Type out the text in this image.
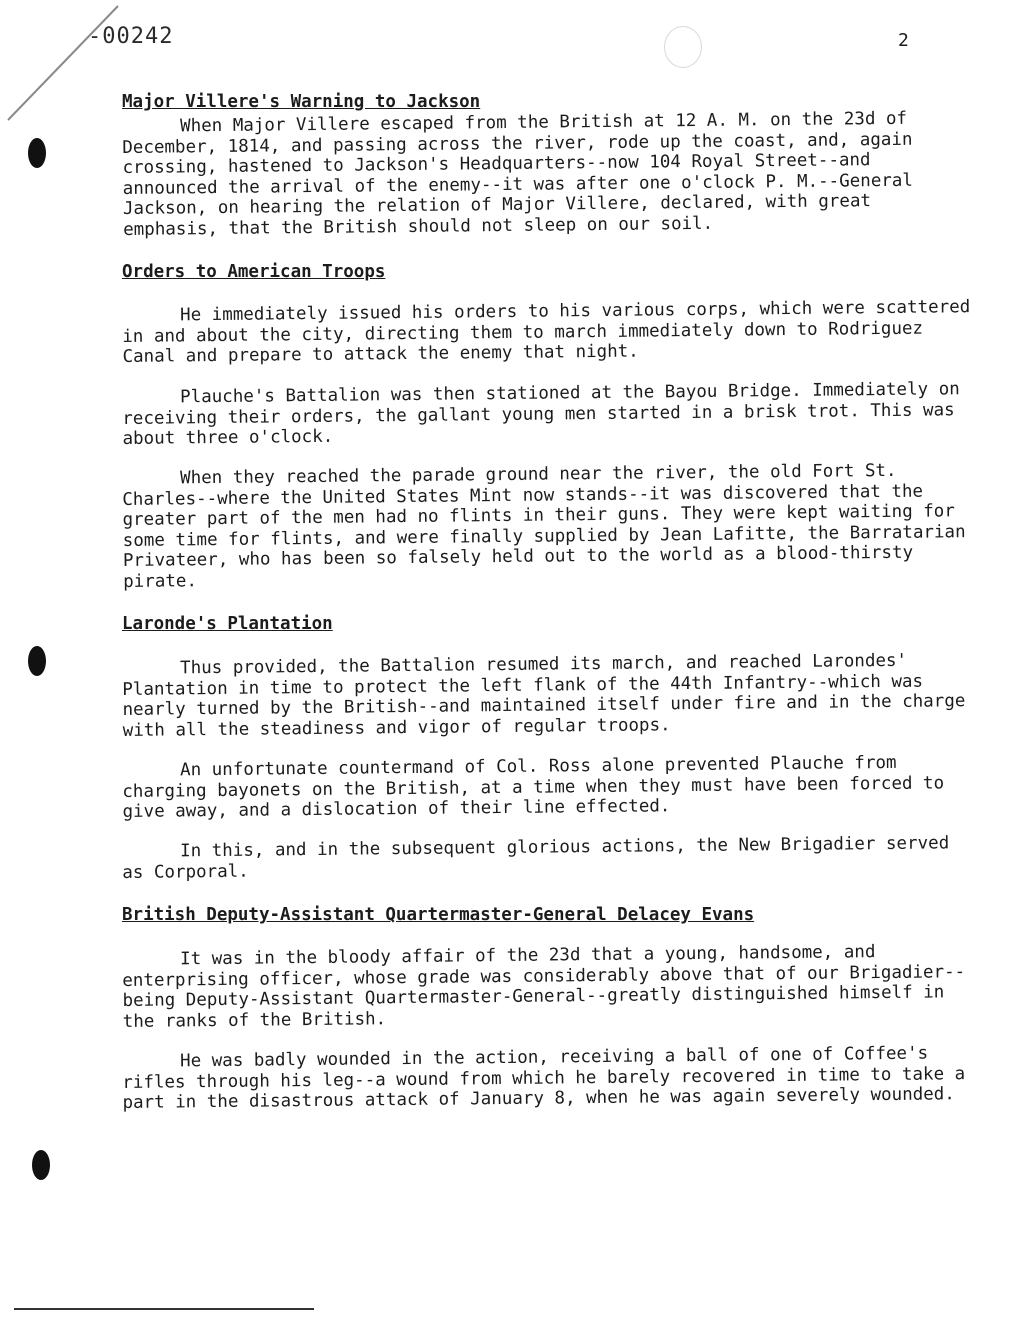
-00242	2
Major Villere's Warning to Jackson

When Major Villere escaped from the British at 12 A. M. on the 23d of December, 1814, and passing across the river, rode up the coast, and, again crossing, hastened to Jackson's Headquarters--now 104 Royal Street--and announced the arrival of the enemy--it was after one o'clock P. M.--General Jackson, on hearing the relation of Major Villere, declared, with great emphasis, that the British should not sleep on our soil.

Orders to American Troops

He immediately issued his orders to his various corps, which were scattered in and about the city, directing them to march immediately down to Rodriguez Canal and prepare to attack the enemy that night.

Plauche's Battalion was then stationed at the Bayou Bridge. Immediately on receiving their orders, the gallant young men started in a brisk trot. This was about three o'clock.

When they reached the parade ground near the river, the old Fort St. Charles--where the United States Mint now stands--it was discovered that the greater part of the men had no flints in their guns. They were kept waiting for some time for flints, and were finally supplied by Jean Lafitte, the Barratarian Privateer, who has been so falsely held out to the world as a blood-thirsty pirate.

Laronde's Plantation

Thus provided, the Battalion resumed its march, and reached Larondes' Plantation in time to protect the left flank of the 44th Infantry--which was nearly turned by the British--and maintained itself under fire and in the charge with all the steadiness and vigor of regular troops.

An unfortunate countermand of Col. Ross alone prevented Plauche from charging bayonets on the British, at a time when they must have been forced to give away, and a dislocation of their line effected.

In this, and in the subsequent glorious actions, the New Brigadier served as Corporal.

British Deputy-Assistant Quartermaster-General Delacey Evans

It was in the bloody affair of the 23d that a young, handsome, and enterprising officer, whose grade was considerably above that of our Brigadier--being Deputy-Assistant Quartermaster-General--greatly distinguished himself in the ranks of the British.

He was badly wounded in the action, receiving a ball of one of Coffee's rifles through his leg--a wound from which he barely recovered in time to take a part in the disastrous attack of January 8, when he was again severely wounded.
